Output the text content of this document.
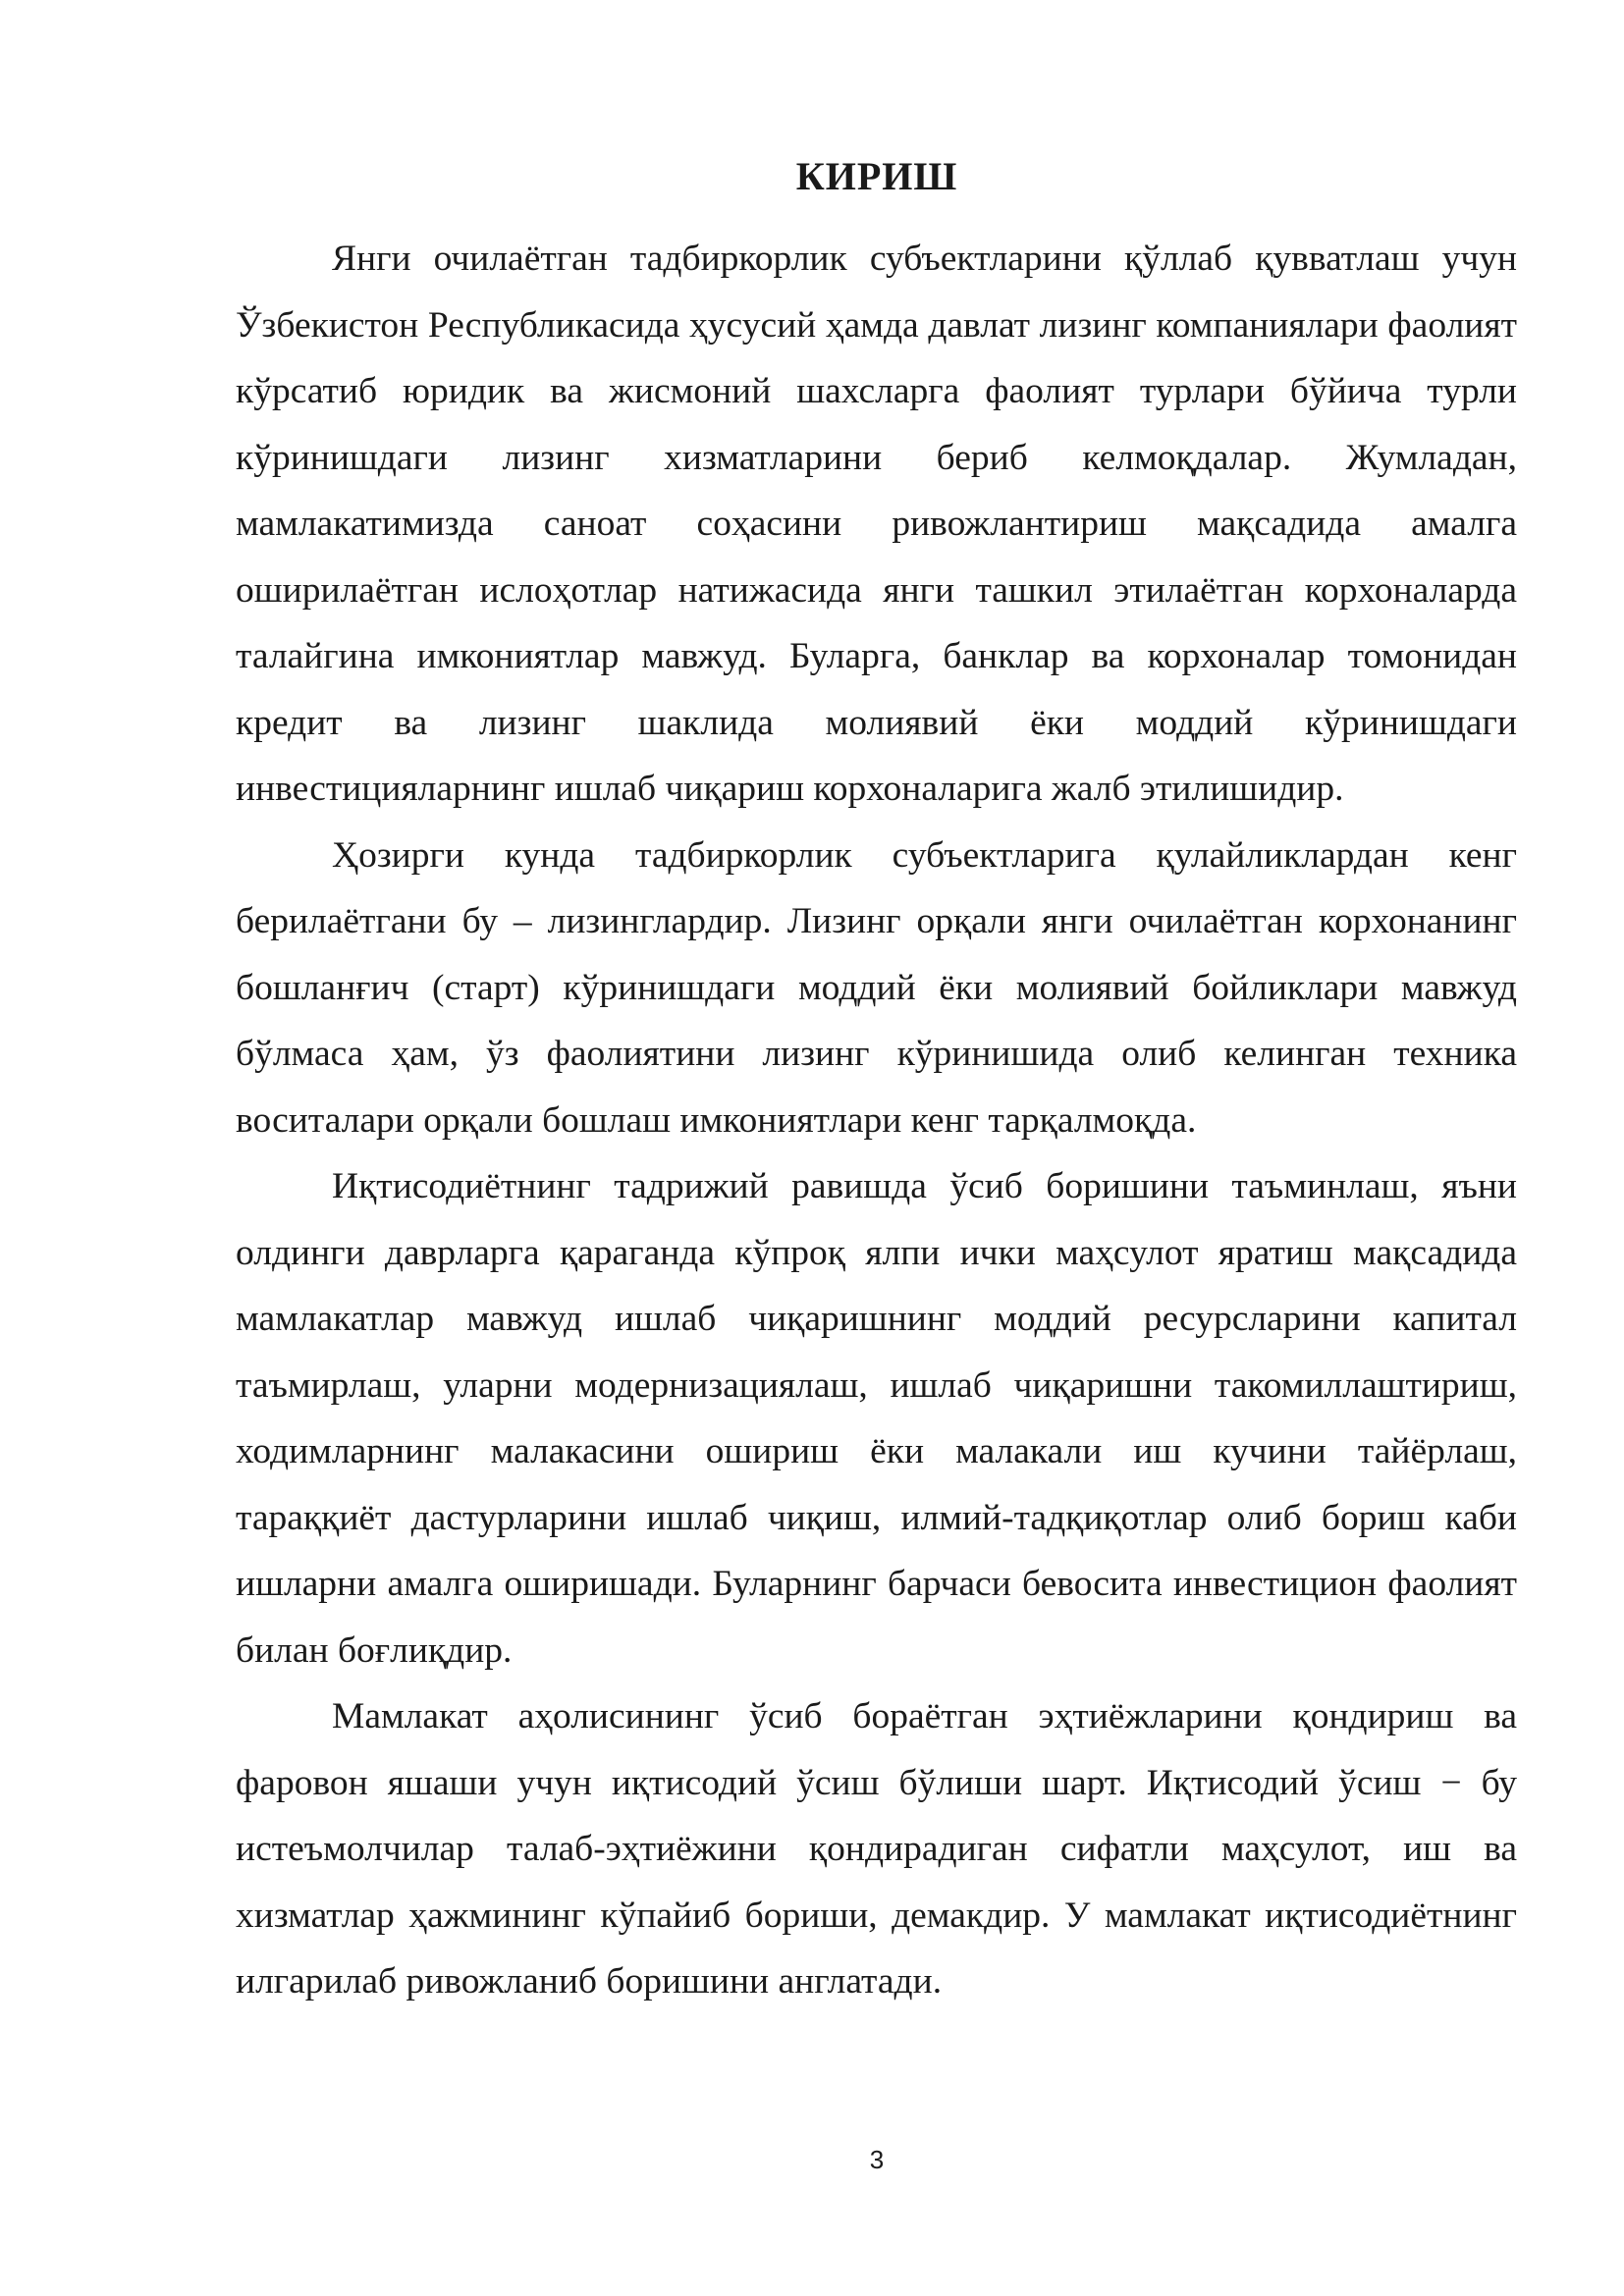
КИРИШ

Янги очилаётган тадбиркорлик субъектларини қўллаб қувватлаш учун Ўзбекистон Республикасида ҳусусий ҳамда давлат лизинг компаниялари фаолият кўрсатиб юридик ва жисмоний шахсларга фаолият турлари бўйича турли кўринишдаги лизинг хизматларини бериб келмоқдалар. Жумладан, мамлакатимизда саноат соҳасини ривожлантириш мақсадида амалга оширилаётган ислоҳотлар натижасида янги ташкил этилаётган корхоналарда талайгина имкониятлар мавжуд. Буларга, банклар ва корхоналар томонидан кредит ва лизинг шаклида молиявий ёки моддий кўринишдаги инвестицияларнинг ишлаб чиқариш корхоналарига жалб этилишидир.

Ҳозирги кунда тадбиркорлик субъектларига қулайликлардан кенг берилаётгани бу – лизинглардир. Лизинг орқали янги очилаётган корхонанинг бошланғич (старт) кўринишдаги моддий ёки молиявий бойликлари мавжуд бўлмаса ҳам, ўз фаолиятини лизинг кўринишида олиб келинган техника воситалари орқали бошлаш имкониятлари кенг тарқалмоқда.

Иқтисодиётнинг тадрижий равишда ўсиб боришини таъминлаш, яъни олдинги даврларга қараганда кўпроқ ялпи ички маҳсулот яратиш мақсадида мамлакатлар мавжуд ишлаб чиқаришнинг моддий ресурсларини капитал таъмирлаш, уларни модернизациялаш, ишлаб чиқаришни такомиллаштириш, ходимларнинг малакасини ошириш ёки малакали иш кучини тайёрлаш, тараққиёт дастурларини ишлаб чиқиш, илмий-тадқиқотлар олиб бориш каби ишларни амалга оширишади. Буларнинг барчаси бевосита инвестицион фаолият билан боғлиқдир.

Мамлакат аҳолисининг ўсиб бораётган эҳтиёжларини қондириш ва фаровон яшаши учун иқтисодий ўсиш бўлиши шарт. Иқтисодий ўсиш − бу истеъмолчилар талаб-эҳтиёжини қондирадиган сифатли маҳсулот, иш ва хизматлар ҳажмининг кўпайиб бориши, демакдир. У мамлакат иқтисодиётнинг илгарилаб ривожланиб боришини англатади.

3
